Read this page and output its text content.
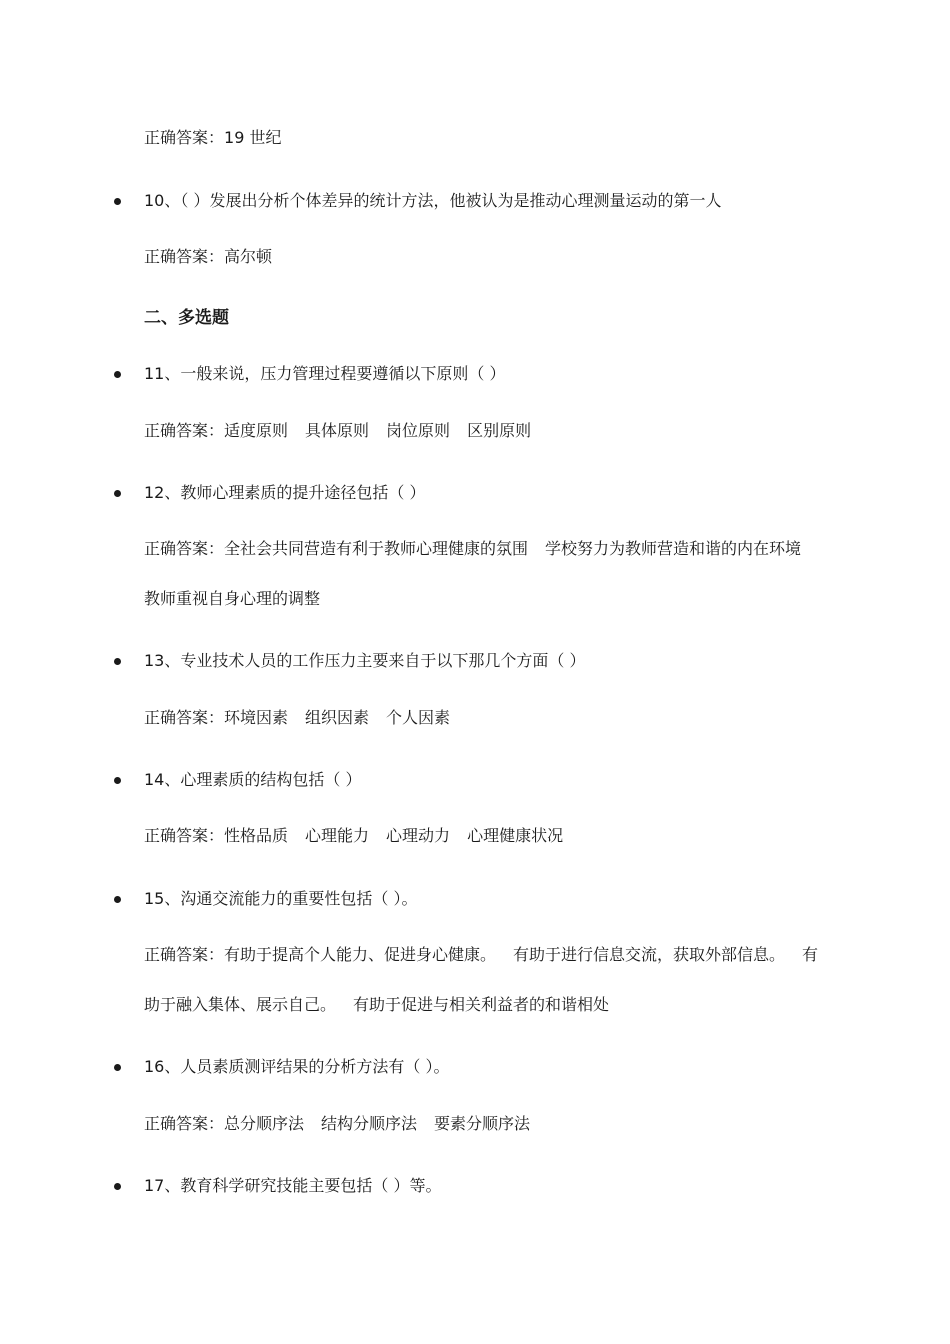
正确答案：19 世纪
10、（ ）发展出分析个体差异的统计方法，他被认为是推动心理测量运动的第一人
正确答案：高尔顿
二、多选题
11、一般来说，压力管理过程要遵循以下原则（ ）
正确答案：适度原则 具体原则 岗位原则 区别原则
12、教师心理素质的提升途径包括（ ）
正确答案：全社会共同营造有利于教师心理健康的氛围 学校努力为教师营造和谐的内在环境
教师重视自身心理的调整
13、专业技术人员的工作压力主要来自于以下那几个方面（ ）
正确答案：环境因素 组织因素 个人因素
14、心理素质的结构包括（ ）
正确答案：性格品质 心理能力 心理动力 心理健康状况
15、沟通交流能力的重要性包括（ ）。
正确答案：有助于提高个人能力、促进身心健康。 有助于进行信息交流，获取外部信息。 有
助于融入集体、展示自己。 有助于促进与相关利益者的和谐相处
16、人员素质测评结果的分析方法有（ ）。
正确答案：总分顺序法 结构分顺序法 要素分顺序法
17、教育科学研究技能主要包括（ ）等。
